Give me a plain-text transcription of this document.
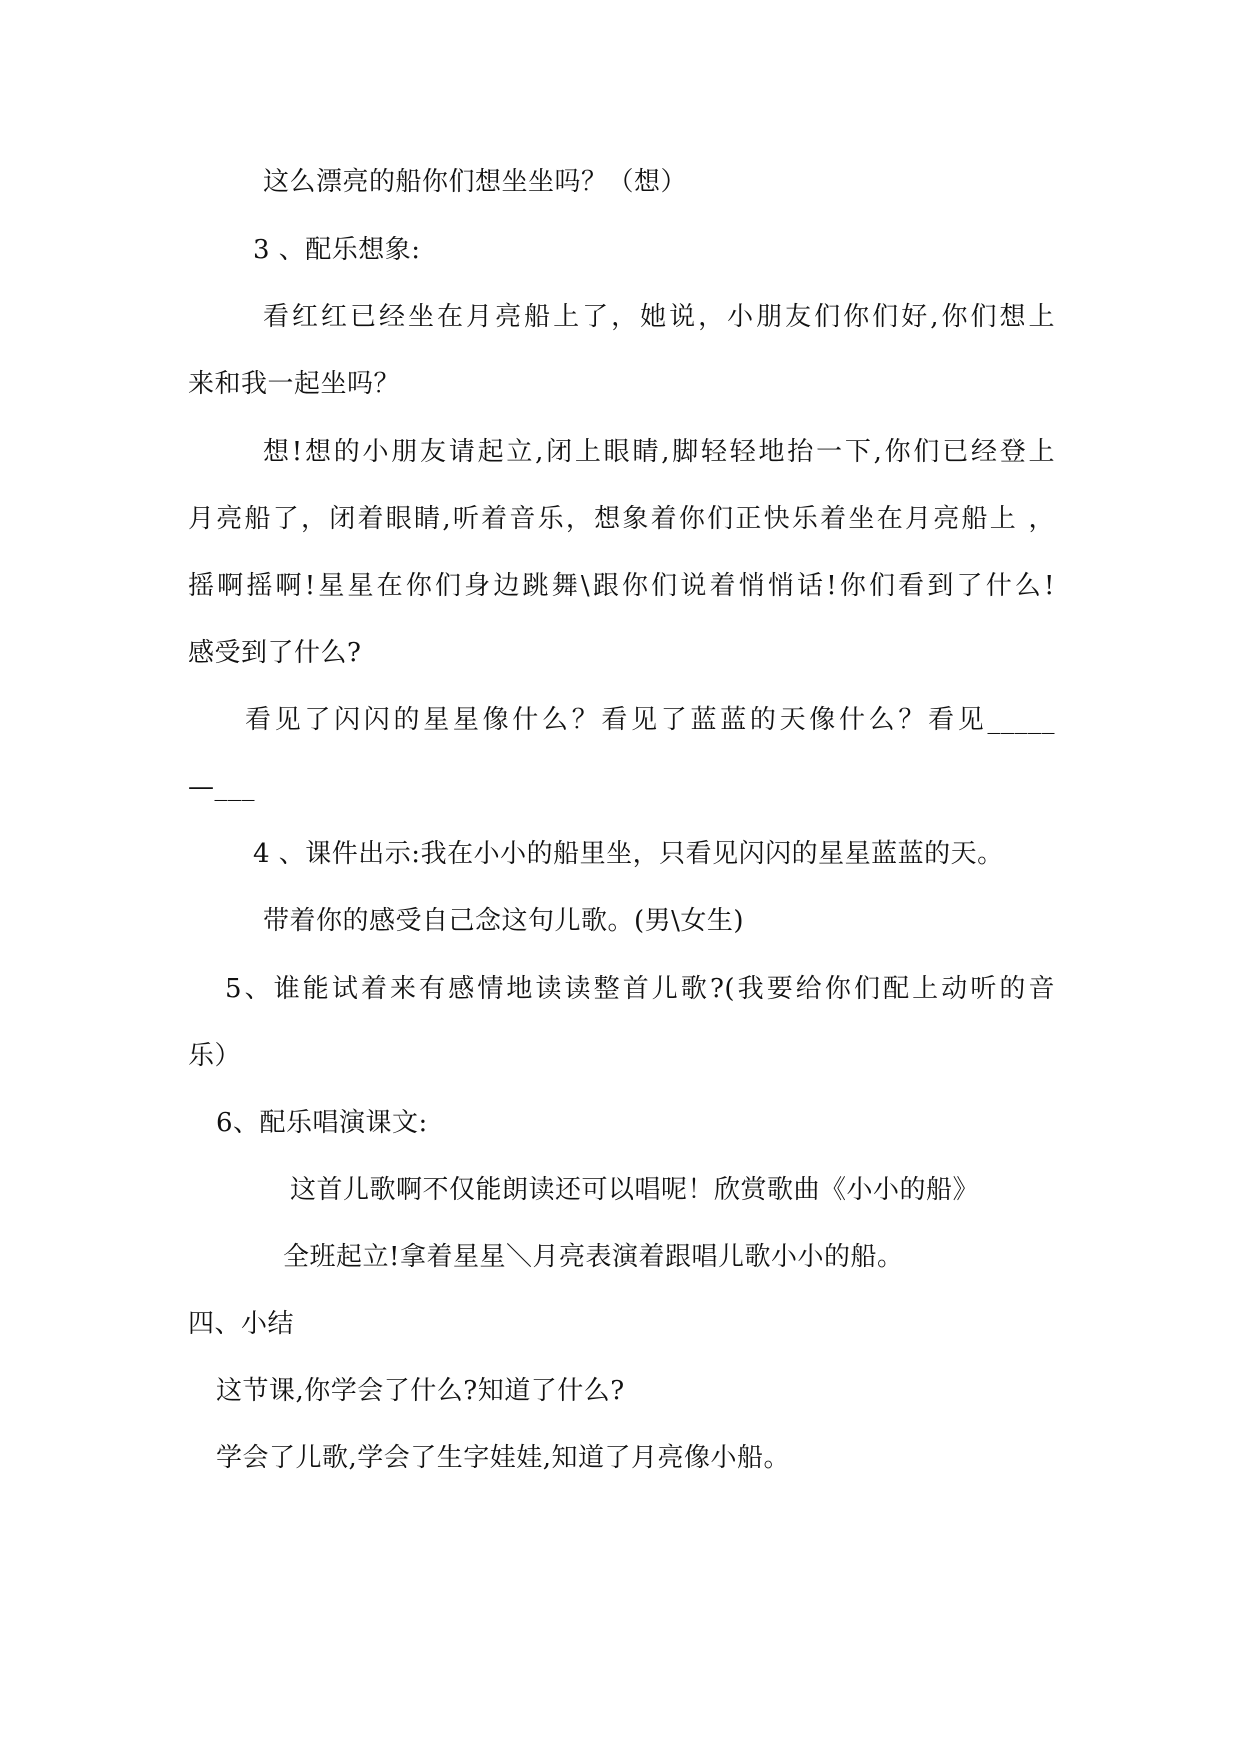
这么漂亮的船你们想坐坐吗？（想）
3 、配乐想象:
看红红已经坐在月亮船上了，她说，小朋友们你们好,你们想上
来和我一起坐吗？
想!想的小朋友请起立,闭上眼睛,脚轻轻地抬一下,你们已经登上
月亮船了，闭着眼睛,听着音乐，想象着你们正快乐着坐在月亮船上 ，
摇啊摇啊!星星在你们身边跳舞\跟你们说着悄悄话!你们看到了什么!
感受到了什么?
看见了闪闪的星星像什么？看见了蓝蓝的天像什么？看见_____
—___
4 、课件出示:我在小小的船里坐，只看见闪闪的星星蓝蓝的天。
带着你的感受自己念这句儿歌。(男\女生)
5、谁能试着来有感情地读读整首儿歌?(我要给你们配上动听的音
乐）
6、配乐唱演课文:
这首儿歌啊不仅能朗读还可以唱呢！欣赏歌曲《小小的船》
全班起立!拿着星星＼月亮表演着跟唱儿歌小小的船。
四、小结
这节课,你学会了什么?知道了什么?
学会了儿歌,学会了生字娃娃,知道了月亮像小船。
